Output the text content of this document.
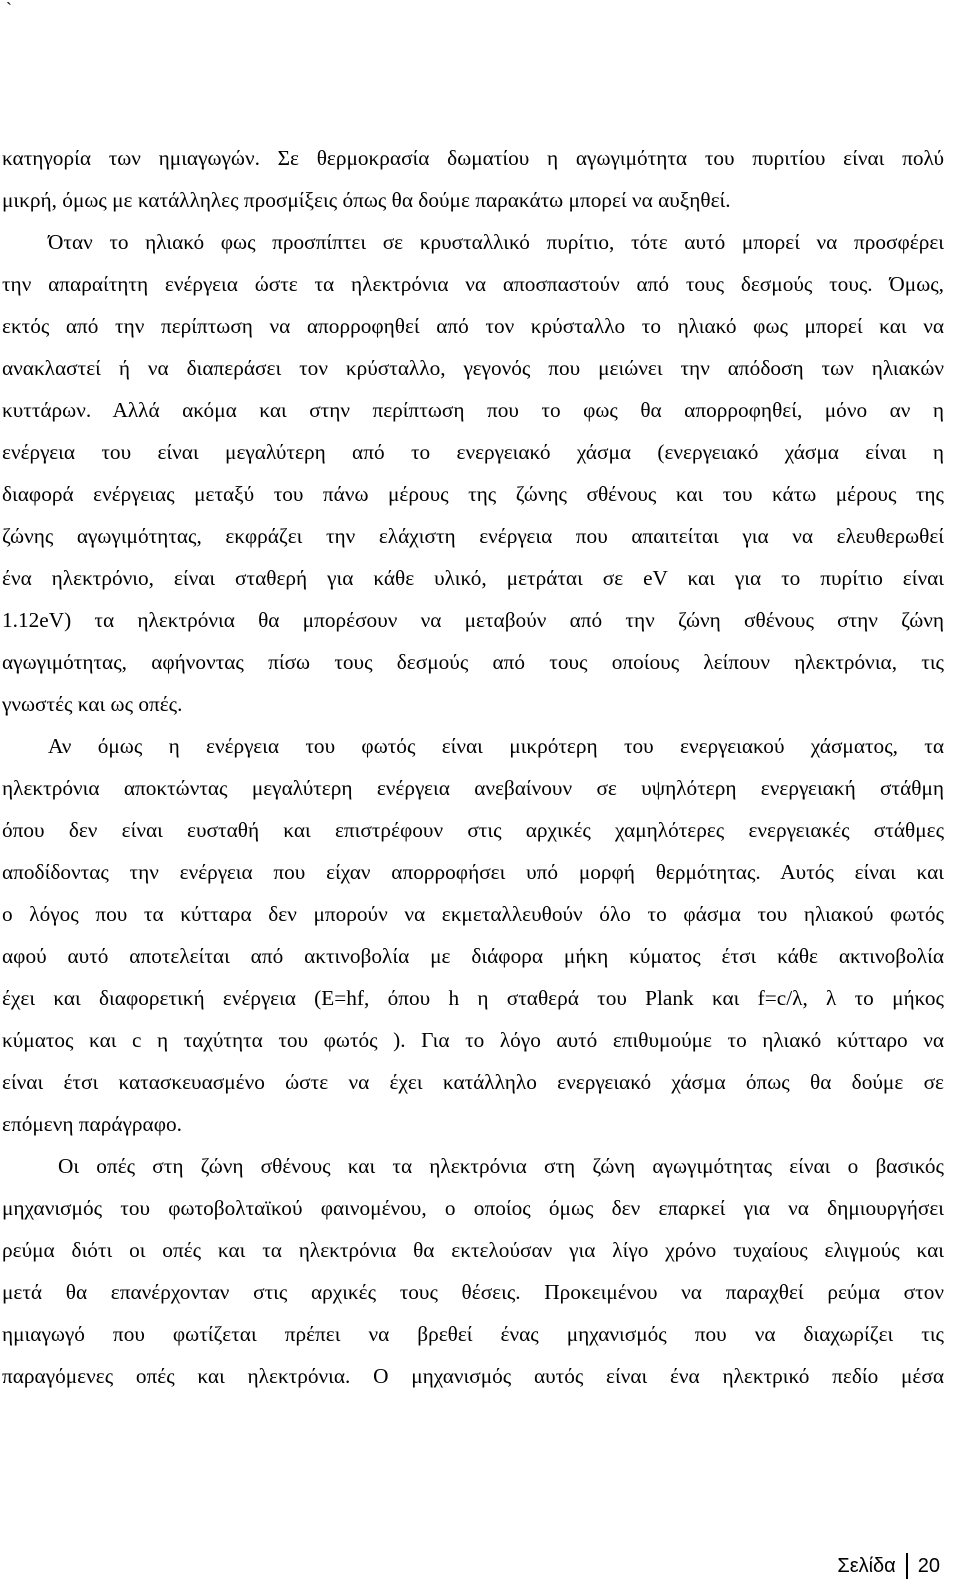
`
κατηγορία των ημιαγωγών. Σε θερμοκρασία δωματίου η αγωγιμότητα του πυριτίου είναι πολύ
μικρή, όμως με κατάλληλες προσμίξεις όπως θα δούμε παρακάτω μπορεί να αυξηθεί.
Όταν το ηλιακό φως προσπίπτει σε κρυσταλλικό πυρίτιο, τότε αυτό μπορεί να προσφέρει
την απαραίτητη ενέργεια ώστε τα ηλεκτρόνια να αποσπαστούν από τους δεσμούς τους. Όμως,
εκτός από την περίπτωση να απορροφηθεί από τον κρύσταλλο το ηλιακό φως μπορεί και να
ανακλαστεί ή να διαπεράσει τον κρύσταλλο, γεγονός που μειώνει την απόδοση των ηλιακών
κυττάρων. Αλλά ακόμα και στην περίπτωση που το φως θα απορροφηθεί, μόνο αν η
ενέργεια του είναι μεγαλύτερη από το ενεργειακό χάσμα (ενεργειακό χάσμα είναι η
διαφορά ενέργειας μεταξύ του πάνω μέρους της ζώνης σθένους και του κάτω μέρους της
ζώνης αγωγιμότητας, εκφράζει την ελάχιστη ενέργεια που απαιτείται για να ελευθερωθεί
ένα ηλεκτρόνιο, είναι σταθερή για κάθε υλικό, μετράται σε eV και για το πυρίτιο είναι
1.12eV) τα ηλεκτρόνια θα μπορέσουν να μεταβούν από την ζώνη σθένους στην ζώνη
αγωγιμότητας, αφήνοντας πίσω τους δεσμούς από τους οποίους λείπουν ηλεκτρόνια, τις
γνωστές και ως οπές.
Αν όμως η ενέργεια του φωτός είναι μικρότερη του ενεργειακού χάσματος, τα
ηλεκτρόνια αποκτώντας μεγαλύτερη ενέργεια ανεβαίνουν σε υψηλότερη ενεργειακή στάθμη
όπου δεν είναι ευσταθή και επιστρέφουν στις αρχικές χαμηλότερες ενεργειακές στάθμες
αποδίδοντας την ενέργεια που είχαν απορροφήσει υπό μορφή θερμότητας. Αυτός είναι και
ο λόγος που τα κύτταρα δεν μπορούν να εκμεταλλευθούν όλο το φάσμα του ηλιακού φωτός
αφού αυτό αποτελείται από ακτινοβολία με διάφορα μήκη κύματος έτσι κάθε ακτινοβολία
έχει και διαφορετική ενέργεια (E=hf, όπου h η σταθερά του Plank και f=c/λ, λ το μήκος
κύματος και c η ταχύτητα του φωτός ). Για το λόγο αυτό επιθυμούμε το ηλιακό κύτταρο να
είναι έτσι κατασκευασμένο ώστε να έχει κατάλληλο ενεργειακό χάσμα όπως θα δούμε σε
επόμενη παράγραφο.
Οι οπές στη ζώνη σθένους και τα ηλεκτρόνια στη ζώνη αγωγιμότητας είναι ο βασικός
μηχανισμός του φωτοβολταϊκού φαινομένου, ο οποίος όμως δεν επαρκεί για να δημιουργήσει
ρεύμα διότι οι οπές και τα ηλεκτρόνια θα εκτελούσαν για λίγο χρόνο τυχαίους ελιγμούς και
μετά θα επανέρχονταν στις αρχικές τους θέσεις. Προκειμένου να παραχθεί ρεύμα στον
ημιαγωγό που φωτίζεται πρέπει να βρεθεί ένας μηχανισμός που να διαχωρίζει τις
παραγόμενες οπές και ηλεκτρόνια. Ο μηχανισμός αυτός είναι ένα ηλεκτρικό πεδίο μέσα
Σελίδα 20
